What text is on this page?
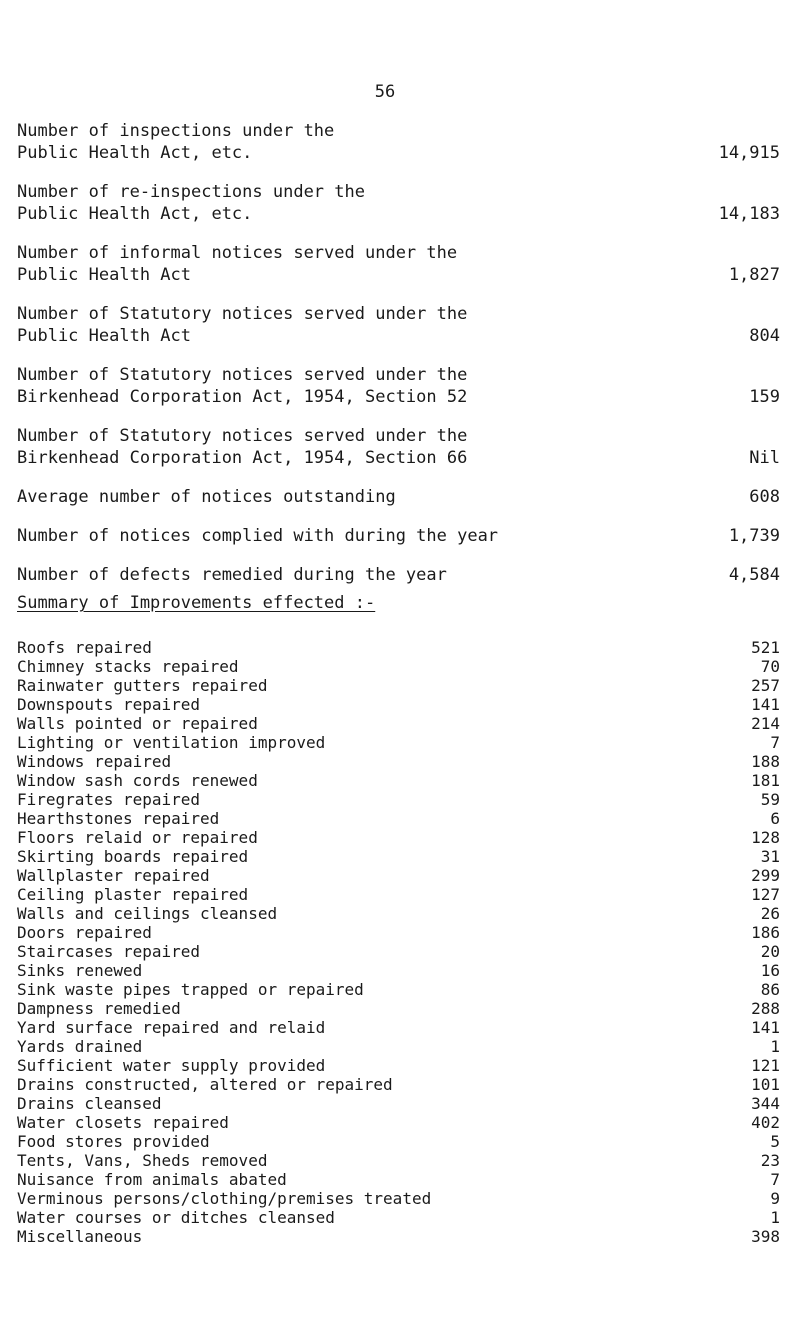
56
Number of inspections under the
Public Health Act, etc.	14,915
Number of re-inspections under the
Public Health Act, etc.	14,183
Number of informal notices served under the
Public Health Act	1,827
Number of Statutory notices served under the
Public Health Act	804
Number of Statutory notices served under the
Birkenhead Corporation Act, 1954, Section 52	159
Number of Statutory notices served under the
Birkenhead Corporation Act, 1954, Section 66	Nil
Average number of notices outstanding	608
Number of notices complied with during the year	1,739
Number of defects remedied during the year	4,584
Summary of Improvements effected :-
Roofs repaired	521
Chimney stacks repaired	70
Rainwater gutters repaired	257
Downspouts repaired	141
Walls pointed or repaired	214
Lighting or ventilation improved	7
Windows repaired	188
Window sash cords renewed	181
Firegrates repaired	59
Hearthstones repaired	6
Floors relaid or repaired	128
Skirting boards repaired	31
Wallplaster repaired	299
Ceiling plaster repaired	127
Walls and ceilings cleansed	26
Doors repaired	186
Staircases repaired	20
Sinks renewed	16
Sink waste pipes trapped or repaired	86
Dampness remedied	288
Yard surface repaired and relaid	141
Yards drained	1
Sufficient water supply provided	121
Drains constructed, altered or repaired	101
Drains cleansed	344
Water closets repaired	402
Food stores provided	5
Tents, Vans, Sheds removed	23
Nuisance from animals abated	7
Verminous persons/clothing/premises treated	9
Water courses or ditches cleansed	1
Miscellaneous	398
